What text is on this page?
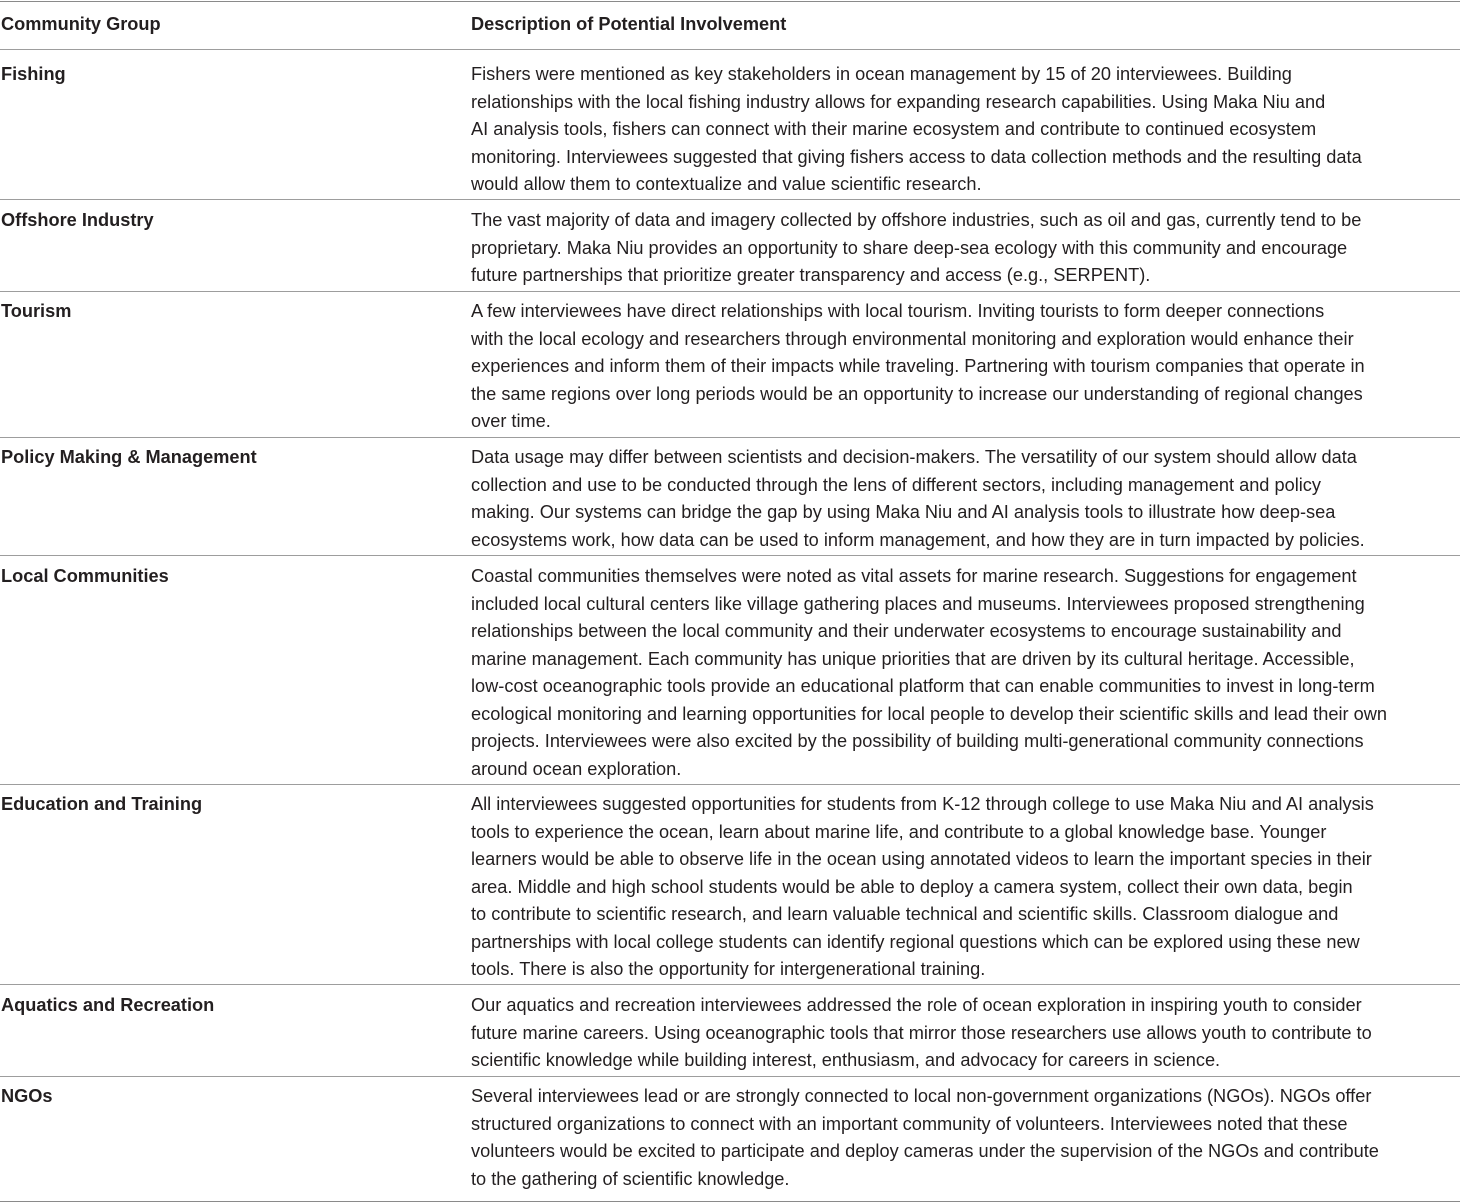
Community Group	Description of Potential Involvement
Fishing	Fishers were mentioned as key stakeholders in ocean management by 15 of 20 interviewees. Building
relationships with the local fishing industry allows for expanding research capabilities. Using Maka Niu and
AI analysis tools, fishers can connect with their marine ecosystem and contribute to continued ecosystem
monitoring. Interviewees suggested that giving fishers access to data collection methods and the resulting data
would allow them to contextualize and value scientific research.
Offshore Industry	The vast majority of data and imagery collected by offshore industries, such as oil and gas, currently tend to be
proprietary. Maka Niu provides an opportunity to share deep-sea ecology with this community and encourage
future partnerships that prioritize greater transparency and access (e.g., SERPENT).
Tourism	A few interviewees have direct relationships with local tourism. Inviting tourists to form deeper connections
with the local ecology and researchers through environmental monitoring and exploration would enhance their
experiences and inform them of their impacts while traveling. Partnering with tourism companies that operate in
the same regions over long periods would be an opportunity to increase our understanding of regional changes
over time.
Policy Making & Management	Data usage may differ between scientists and decision-makers. The versatility of our system should allow data
collection and use to be conducted through the lens of different sectors, including management and policy
making. Our systems can bridge the gap by using Maka Niu and AI analysis tools to illustrate how deep-sea
ecosystems work, how data can be used to inform management, and how they are in turn impacted by policies.
Local Communities	Coastal communities themselves were noted as vital assets for marine research. Suggestions for engagement
included local cultural centers like village gathering places and museums. Interviewees proposed strengthening
relationships between the local community and their underwater ecosystems to encourage sustainability and
marine management. Each community has unique priorities that are driven by its cultural heritage. Accessible,
low-cost oceanographic tools provide an educational platform that can enable communities to invest in long-term
ecological monitoring and learning opportunities for local people to develop their scientific skills and lead their own
projects. Interviewees were also excited by the possibility of building multi-generational community connections
around ocean exploration.
Education and Training	All interviewees suggested opportunities for students from K-12 through college to use Maka Niu and AI analysis
tools to experience the ocean, learn about marine life, and contribute to a global knowledge base. Younger
learners would be able to observe life in the ocean using annotated videos to learn the important species in their
area. Middle and high school students would be able to deploy a camera system, collect their own data, begin
to contribute to scientific research, and learn valuable technical and scientific skills. Classroom dialogue and
partnerships with local college students can identify regional questions which can be explored using these new
tools. There is also the opportunity for intergenerational training.
Aquatics and Recreation	Our aquatics and recreation interviewees addressed the role of ocean exploration in inspiring youth to consider
future marine careers. Using oceanographic tools that mirror those researchers use allows youth to contribute to
scientific knowledge while building interest, enthusiasm, and advocacy for careers in science.
NGOs	Several interviewees lead or are strongly connected to local non-government organizations (NGOs). NGOs offer
structured organizations to connect with an important community of volunteers. Interviewees noted that these
volunteers would be excited to participate and deploy cameras under the supervision of the NGOs and contribute
to the gathering of scientific knowledge.
